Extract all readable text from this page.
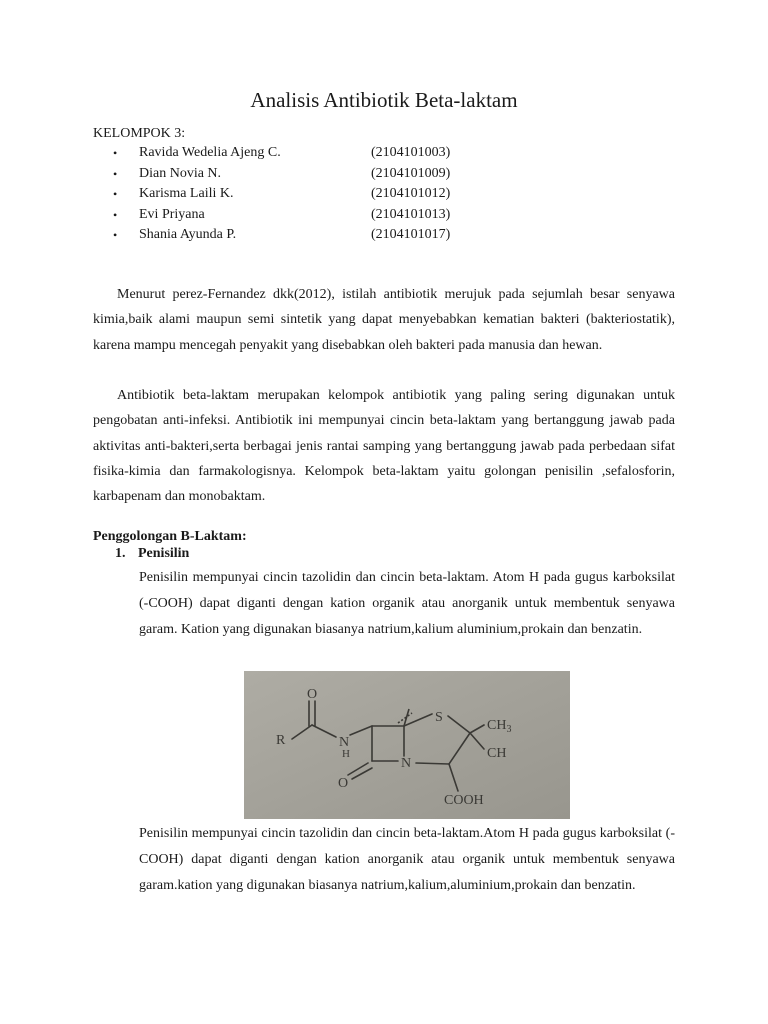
Analisis Antibiotik Beta-laktam
KELOMPOK 3:
• Ravida Wedelia Ajeng C.	(2104101003)
• Dian Novia N.	(2104101009)
• Karisma Laili K.	(2104101012)
• Evi Priyana	(2104101013)
• Shania Ayunda P.	(2104101017)

Menurut perez-Fernandez dkk(2012), istilah antibiotik merujuk pada sejumlah besar senyawa kimia,baik alami maupun semi sintetik yang dapat menyebabkan kematian bakteri (bakteriostatik), karena mampu mencegah penyakit yang disebabkan oleh bakteri pada manusia dan hewan.

Antibiotik beta-laktam merupakan kelompok antibiotik yang paling sering digunakan untuk pengobatan anti-infeksi. Antibiotik ini mempunyai cincin beta-laktam yang bertanggung jawab pada aktivitas anti-bakteri,serta berbagai jenis rantai samping yang bertanggung jawab pada perbedaan sifat fisika-kimia dan farmakologisnya. Kelompok beta-laktam yaitu golongan penisilin ,sefalosforin, karbapenam dan monobaktam.

Penggolongan B-Laktam:
1. Penisilin

Penisilin mempunyai cincin tazolidin dan cincin beta-laktam. Atom H pada gugus karboksilat (-COOH) dapat diganti dengan kation organik atau anorganik untuk membentuk senyawa garam. Kation yang digunakan biasanya natrium,kalium aluminium,prokain dan benzatin.

O
R	N
H
S
$CH_3$
CH
O
N
COOH

Penisilin mempunyai cincin tazolidin dan cincin beta-laktam.Atom H pada gugus karboksilat (-COOH) dapat diganti dengan kation anorganik atau organik untuk membentuk senyawa garam.kation yang digunakan biasanya natrium,kalium,aluminium,prokain dan benzatin.
